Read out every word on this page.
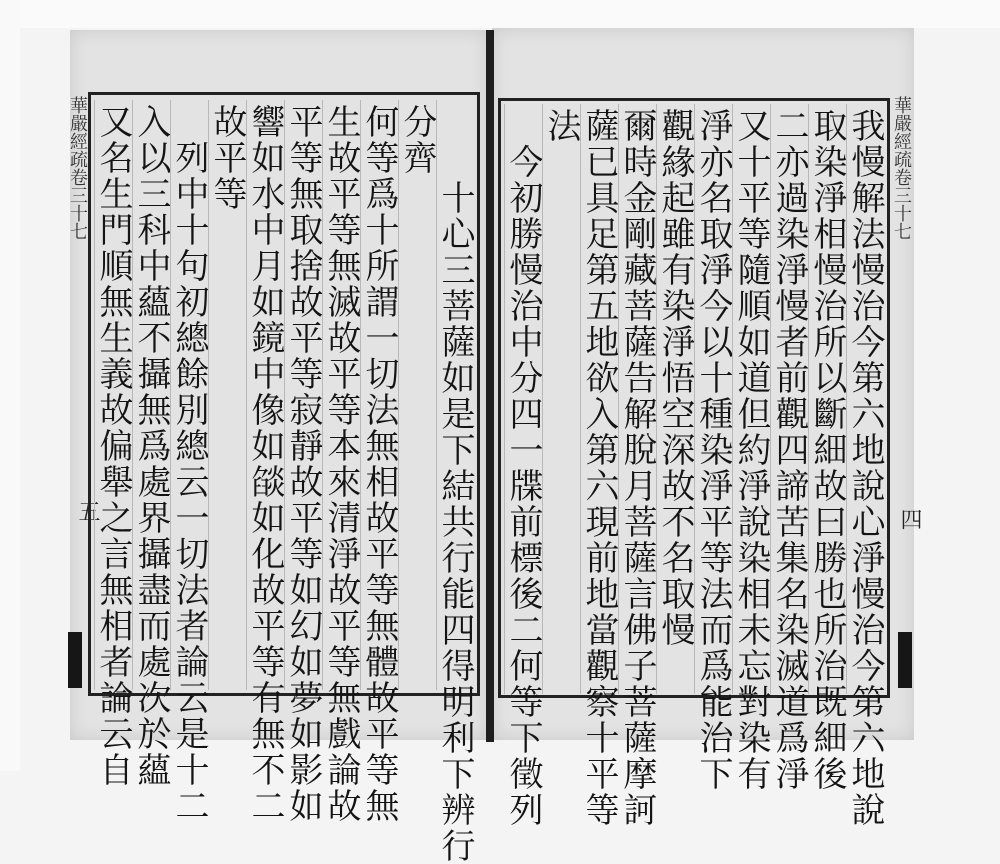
華嚴經疏卷三十七	華嚴經疏卷三十七
五	四
我慢解法慢治今第六地說心淨慢治今第六地說
取染淨相慢治所以斷細故曰勝也所治既細後
二亦過染淨慢者前觀四諦苦集名染滅道爲淨
又十平等隨順如道但約淨說染相未忘對染有
淨亦名取淨今以十種染淨平等法而爲能治下
觀緣起雖有染淨悟空深故不名取慢
爾時金剛藏菩薩告解脫月菩薩言佛子菩薩摩訶
薩已具足第五地欲入第六現前地當觀察十平等
法
今初勝慢治中分四一牒前標後二何等下徵列
十心三菩薩如是下結共行能四得明利下辨行
分齊
何等爲十所謂一切法無相故平等無體故平等無
生故平等無滅故平等本來清淨故平等無戲論故
平等無取捨故平等寂靜故平等如幻如夢如影如
響如水中月如鏡中像如燄如化故平等有無不二
故平等
列中十句初總餘別總云一切法者論云是十二
入以三科中蘊不攝無爲處界攝盡而處次於蘊
又名生門順無生義故偏舉之言無相者論云自
